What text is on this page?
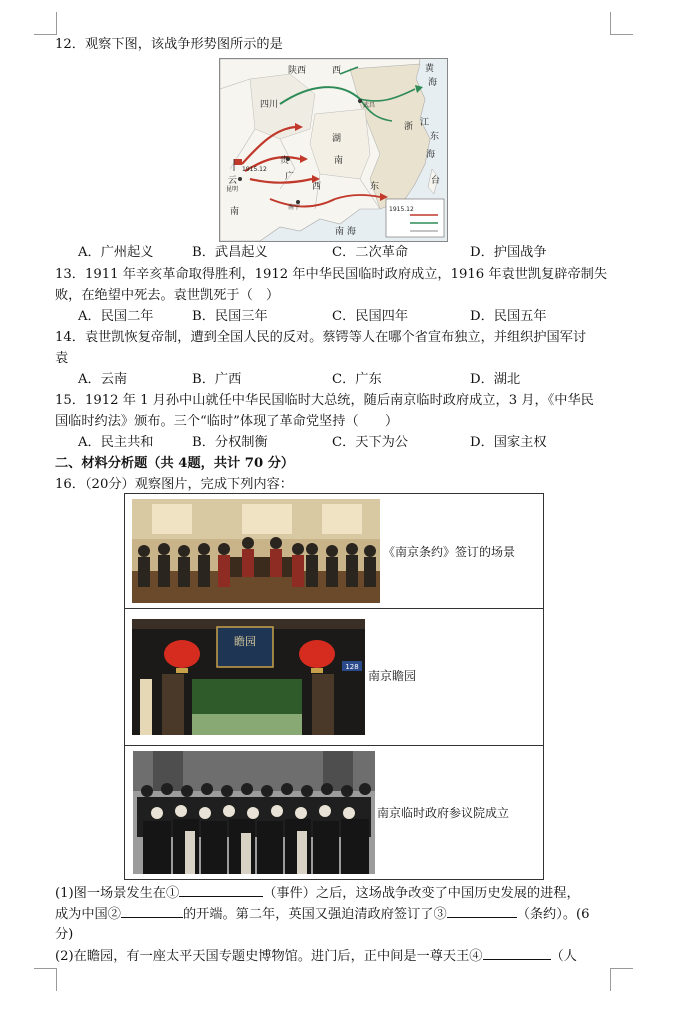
12．观察下图，该战争形势图所示的是
陕西	西	黄
海
四川	武昌
湖
南
浙 江
东
海
台
贵
云
昆明
1915.12
南
广
西
南宁
东
南 海
1915.12
A．广州起义	B．武昌起义	C．二次革命	D．护国战争
13．1911 年辛亥革命取得胜利，1912 年中华民国临时政府成立，1916 年袁世凯复辟帝制失
败，在绝望中死去。袁世凯死于（　）
A．民国二年	B．民国三年	C．民国四年	D．民国五年
14．袁世凯恢复帝制，遭到全国人民的反对。蔡锷等人在哪个省宣布独立，并组织护国军讨
袁
A．云南	B．广西	C．广东	D．湖北
15．1912 年 1 月孙中山就任中华民国临时大总统，随后南京临时政府成立，3 月，《中华民
国临时约法》颁布。三个“临时”体现了革命党坚持（　　）
A．民主共和	B．分权制衡	C．天下为公	D．国家主权
二、材料分析题（共 4题，共计 70 分）
16．（20分）观察图片，完成下列内容：
《南京条约》签订的场景
瞻园
128
南京瞻园
南京临时政府参议院成立
(1)图一场景发生在①	（事件）之后，这场战争改变了中国历史发展的进程，
成为中国②	的开端。第二年，英国又强迫清政府签订了③	（条约）。(6
分)
(2)在瞻园，有一座太平天国专题史博物馆。进门后，正中间是一尊天王④	（人
